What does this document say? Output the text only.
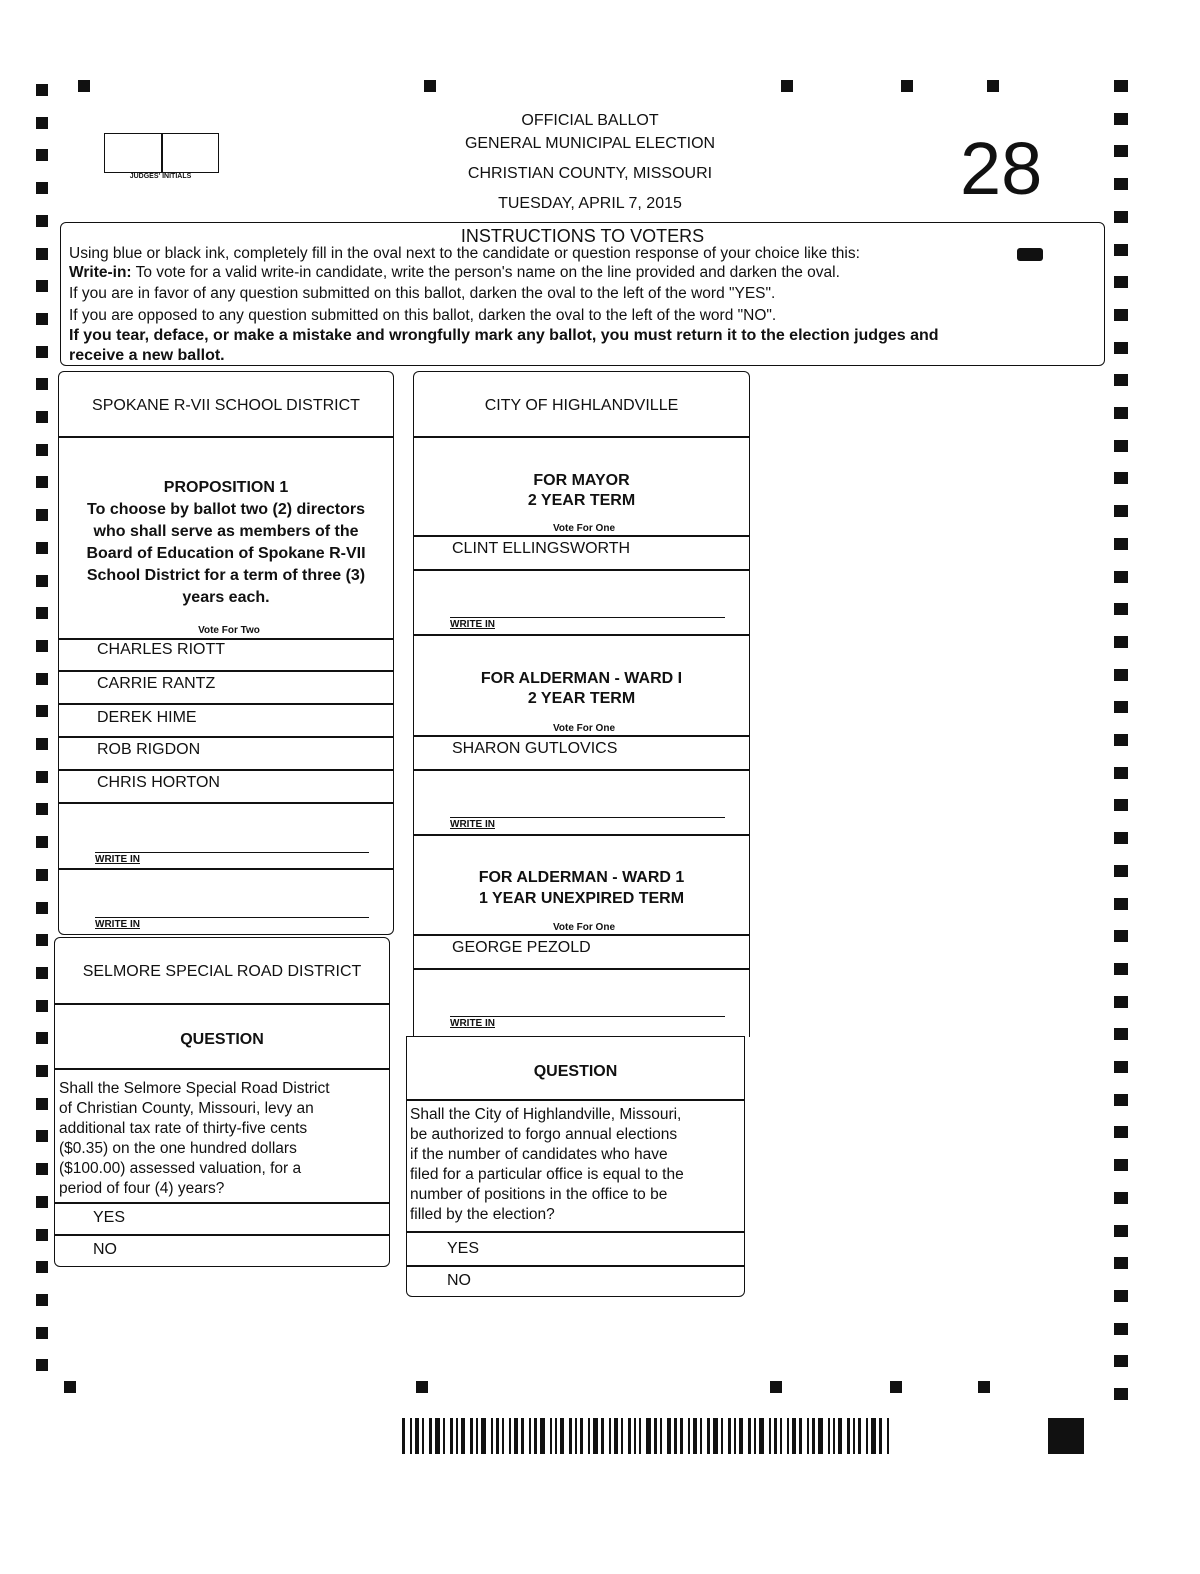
OFFICIAL BALLOT
GENERAL MUNICIPAL ELECTION
CHRISTIAN COUNTY, MISSOURI
TUESDAY, APRIL 7, 2015	28
JUDGES' INITIALS
INSTRUCTIONS TO VOTERS
Using blue or black ink, completely fill in the oval next to the candidate or question response of your choice like this:
Write-in: To vote for a valid write-in candidate, write the person's name on the line provided and darken the oval.
If you are in favor of any question submitted on this ballot, darken the oval to the left of the word "YES".
If you are opposed to any question submitted on this ballot, darken the oval to the left of the word "NO".
If you tear, deface, or make a mistake and wrongfully mark any ballot, you must return it to the election judges and
receive a new ballot.
SPOKANE R-VII SCHOOL DISTRICT
PROPOSITION 1
To choose by ballot two (2) directors
who shall serve as members of the
Board of Education of Spokane R-VII
School District for a term of three (3)
years each.
Vote For Two
CHARLES RIOTT
CARRIE RANTZ
DEREK HIME
ROB RIGDON
CHRIS HORTON
WRITE IN
WRITE IN
SELMORE SPECIAL ROAD DISTRICT
QUESTION
Shall the Selmore Special Road District
of Christian County, Missouri, levy an
additional tax rate of thirty-five cents
($0.35) on the one hundred dollars
($100.00) assessed valuation, for a
period of four (4) years?
YES
NO
CITY OF HIGHLANDVILLE
FOR MAYOR
2 YEAR TERM
Vote For One
CLINT ELLINGSWORTH
WRITE IN
FOR ALDERMAN - WARD I
2 YEAR TERM
Vote For One
SHARON GUTLOVICS
WRITE IN
FOR ALDERMAN - WARD 1
1 YEAR UNEXPIRED TERM
Vote For One
GEORGE PEZOLD
WRITE IN
QUESTION
Shall the City of Highlandville, Missouri,
be authorized to forgo annual elections
if the number of candidates who have
filed for a particular office is equal to the
number of positions in the office to be
filled by the election?
YES
NO
